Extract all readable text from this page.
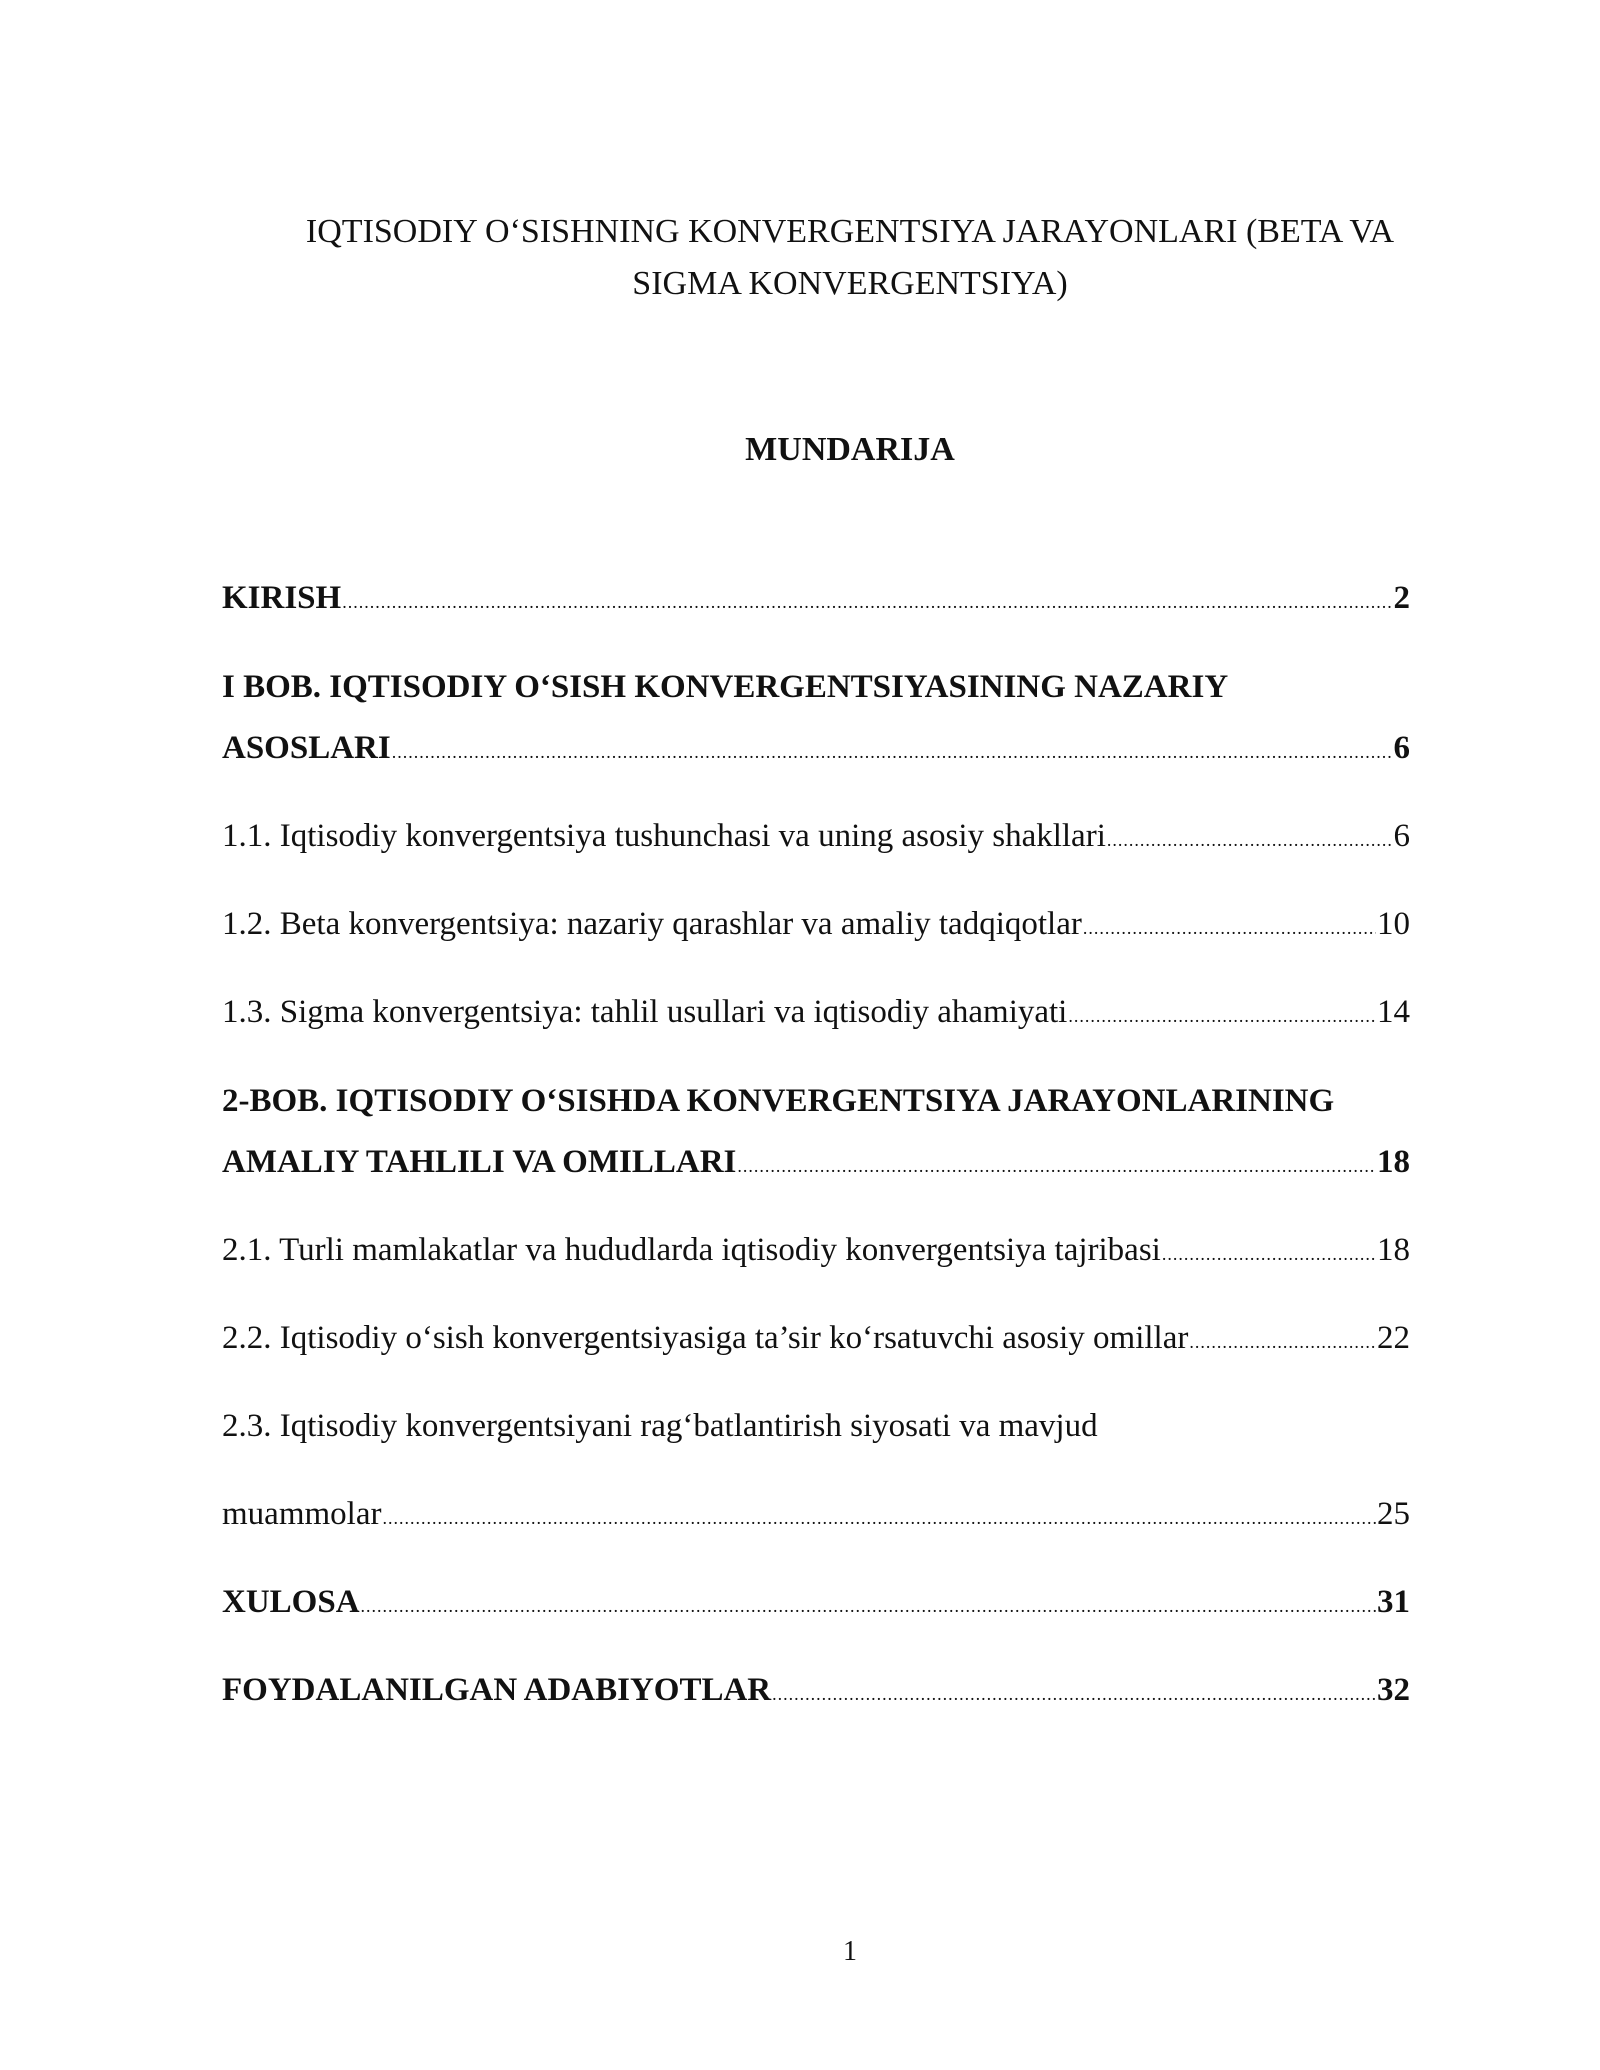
IQTISODIY O‘SISHNING KONVERGENTSIYA JARAYONLARI (BETA VA
SIGMA KONVERGENTSIYA)
MUNDARIJA
KIRISH .....	2
I BOB. IQTISODIY O‘SISH KONVERGENTSIYASINING NAZARIY
ASOSLARI .....	6
1.1. Iqtisodiy konvergentsiya tushunchasi va uning asosiy shakllari .....	6
1.2. Beta konvergentsiya: nazariy qarashlar va amaliy tadqiqotlar .....	10
1.3. Sigma konvergentsiya: tahlil usullari va iqtisodiy ahamiyati .....	14
2-BOB. IQTISODIY O‘SISHDA KONVERGENTSIYA JARAYONLARINING
AMALIY TAHLILI VA OMILLARI .....	18
2.1. Turli mamlakatlar va hududlarda iqtisodiy konvergentsiya tajribasi .....	18
2.2. Iqtisodiy o‘sish konvergentsiyasiga ta’sir ko‘rsatuvchi asosiy omillar .....	22
2.3. Iqtisodiy konvergentsiyani rag‘batlantirish siyosati va mavjud
muammolar .....	25
XULOSA .....	31
FOYDALANILGAN ADABIYOTLAR .....	32
1
